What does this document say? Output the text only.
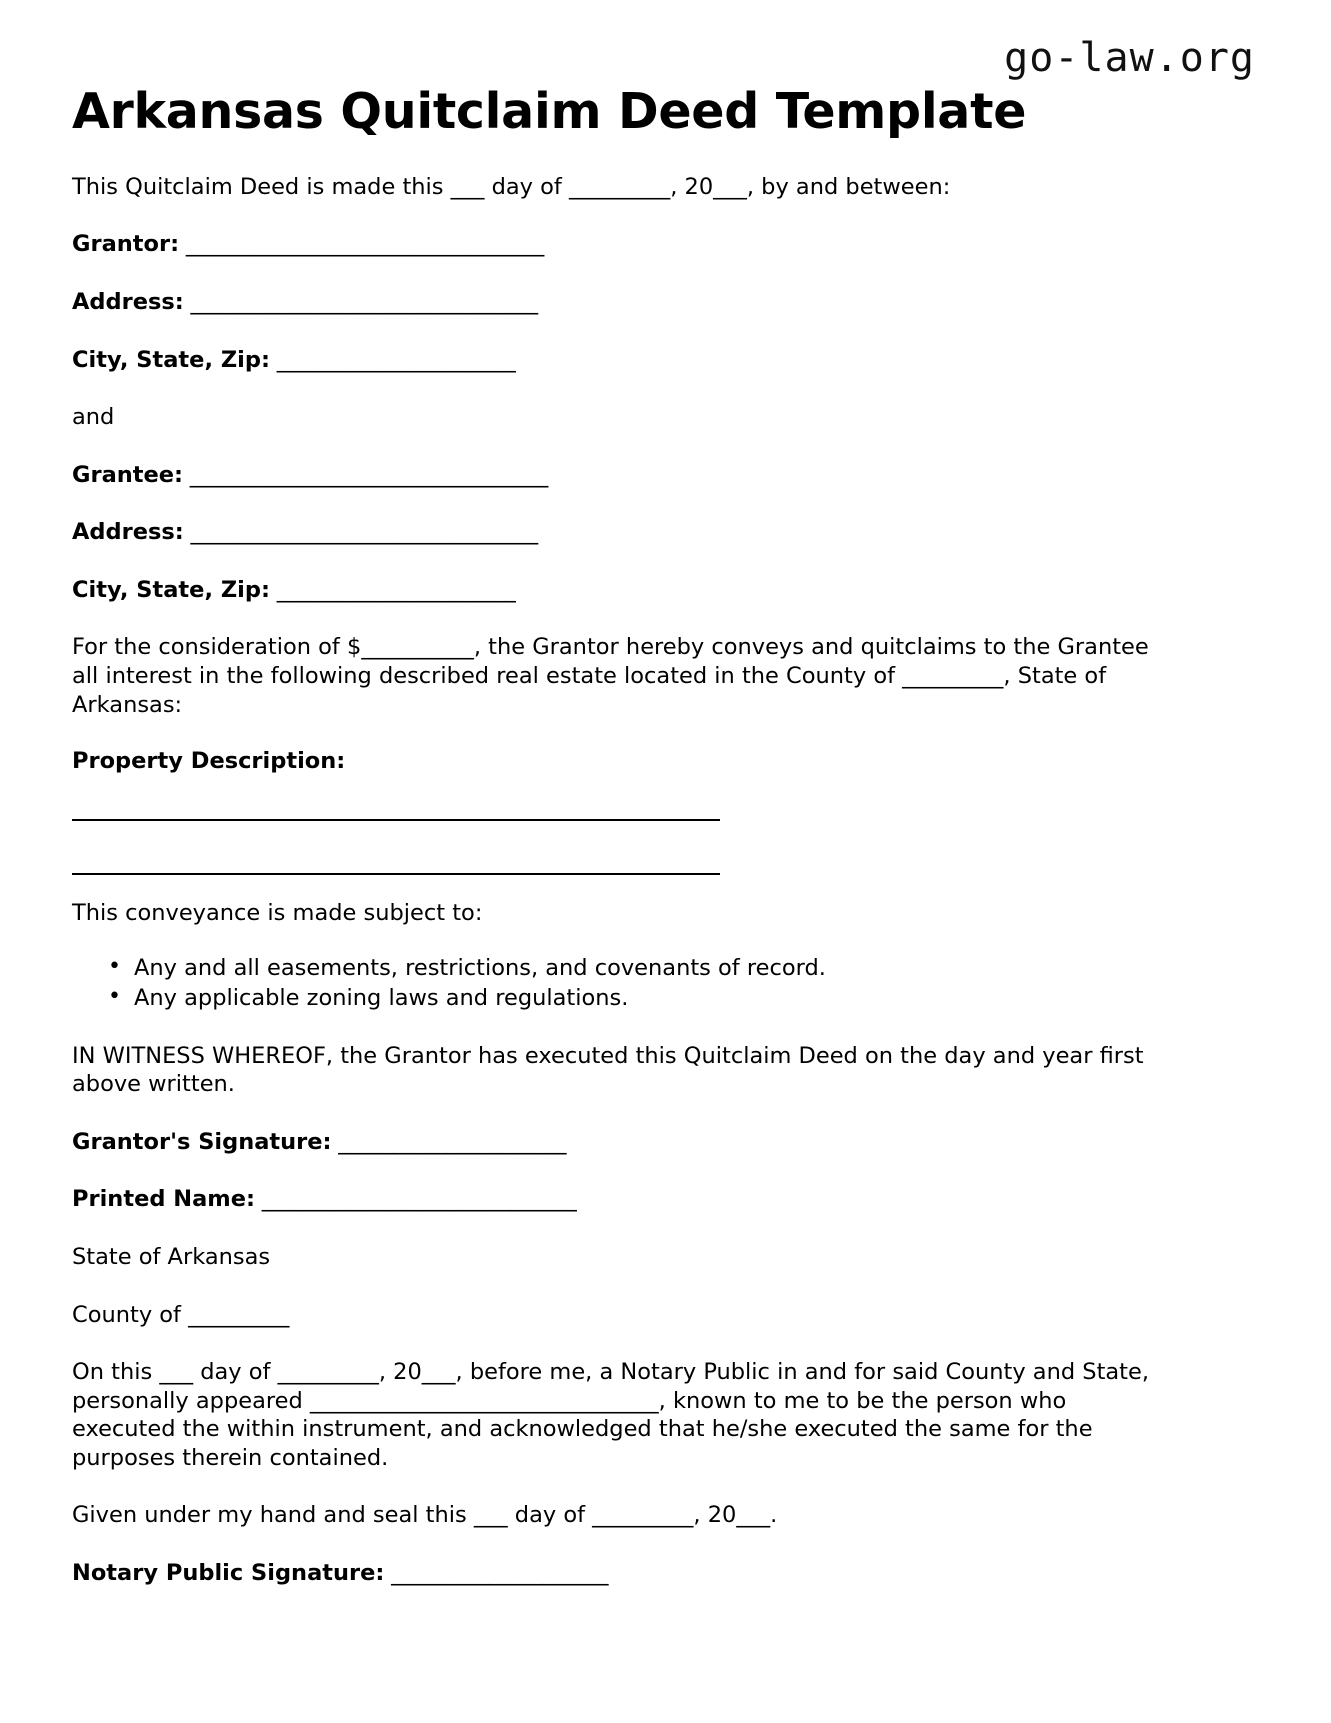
go-law.org
Arkansas Quitclaim Deed Template

This Quitclaim Deed is made this ___ day of _________, 20___, by and between:

Grantor: _________________________________

Address: ________________________________

City, State, Zip: ______________________

and

Grantee: _________________________________

Address: ________________________________

City, State, Zip: ______________________

For the consideration of $__________, the Grantor hereby conveys and quitclaims to the Grantee all interest in the following described real estate located in the County of _________, State of Arkansas:

Property Description:

This conveyance is made subject to:

• Any and all easements, restrictions, and covenants of record.
• Any applicable zoning laws and regulations.

IN WITNESS WHEREOF, the Grantor has executed this Quitclaim Deed on the day and year first above written.

Grantor's Signature: _____________________

Printed Name: _____________________________

State of Arkansas

County of _________

On this ___ day of _________, 20___, before me, a Notary Public in and for said County and State, personally appeared _______________________________, known to me to be the person who executed the within instrument, and acknowledged that he/she executed the same for the purposes therein contained.

Given under my hand and seal this ___ day of _________, 20___.

Notary Public Signature: ____________________
